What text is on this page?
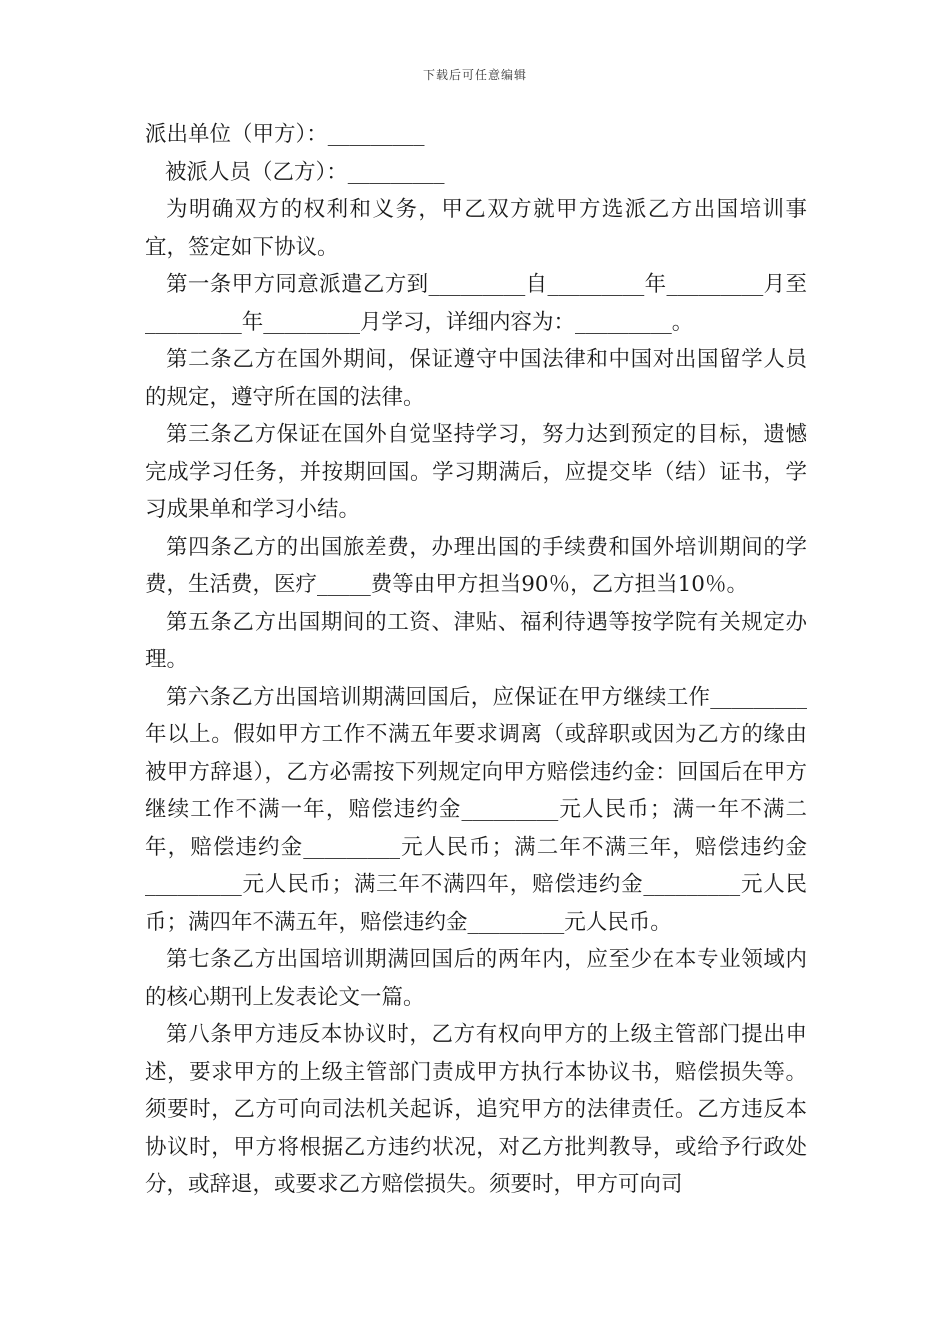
下载后可任意编辑

派出单位（甲方）：_________

被派人员（乙方）：_________

为明确双方的权利和义务，甲乙双方就甲方选派乙方出国培训事宜，签定如下协议。

第一条甲方同意派遣乙方到_________自_________年_________月至_________年_________月学习，详细内容为：_________。

第二条乙方在国外期间，保证遵守中国法律和中国对出国留学人员的规定，遵守所在国的法律。

第三条乙方保证在国外自觉坚持学习，努力达到预定的目标，遗憾完成学习任务，并按期回国。学习期满后，应提交毕（结）证书，学习成果单和学习小结。

第四条乙方的出国旅差费，办理出国的手续费和国外培训期间的学费，生活费，医疗_____费等由甲方担当90％，乙方担当10％。

第五条乙方出国期间的工资、津贴、福利待遇等按学院有关规定办理。

第六条乙方出国培训期满回国后，应保证在甲方继续工作_________年以上。假如甲方工作不满五年要求调离（或辞职或因为乙方的缘由被甲方辞退），乙方必需按下列规定向甲方赔偿违约金：回国后在甲方继续工作不满一年，赔偿违约金_________元人民币；满一年不满二年，赔偿违约金_________元人民币；满二年不满三年，赔偿违约金_________元人民币；满三年不满四年，赔偿违约金_________元人民币；满四年不满五年，赔偿违约金_________元人民币。

第七条乙方出国培训期满回国后的两年内，应至少在本专业领域内的核心期刊上发表论文一篇。

第八条甲方违反本协议时，乙方有权向甲方的上级主管部门提出申述，要求甲方的上级主管部门责成甲方执行本协议书，赔偿损失等。须要时，乙方可向司法机关起诉，追究甲方的法律责任。乙方违反本协议时，甲方将根据乙方违约状况，对乙方批判教导，或给予行政处分，或辞退，或要求乙方赔偿损失。须要时，甲方可向司
